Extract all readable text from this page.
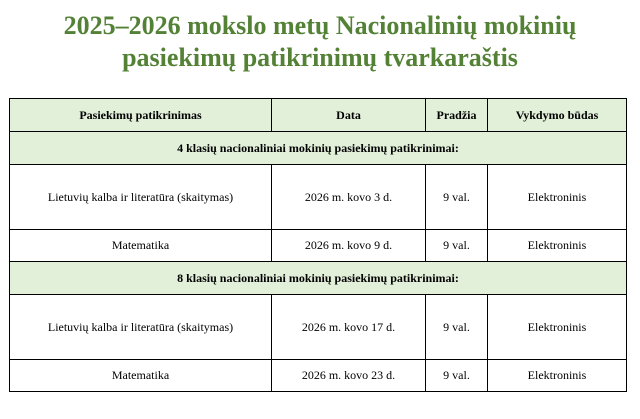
2025–2026 mokslo metų Nacionalinių mokinių
pasiekimų patikrinimų tvarkaraštis
Pasiekimų patikrinimas	Data	Pradžia	Vykdymo būdas
4 klasių nacionaliniai mokinių pasiekimų patikrinimai:			
Lietuvių kalba ir literatūra (skaitymas)	2026 m. kovo 3 d.	9 val.	Elektroninis
Matematika	2026 m. kovo 9 d.	9 val.	Elektroninis
8 klasių nacionaliniai mokinių pasiekimų patikrinimai:			
Lietuvių kalba ir literatūra (skaitymas)	2026 m. kovo 17 d.	9 val.	Elektroninis
Matematika	2026 m. kovo 23 d.	9 val.	Elektroninis
